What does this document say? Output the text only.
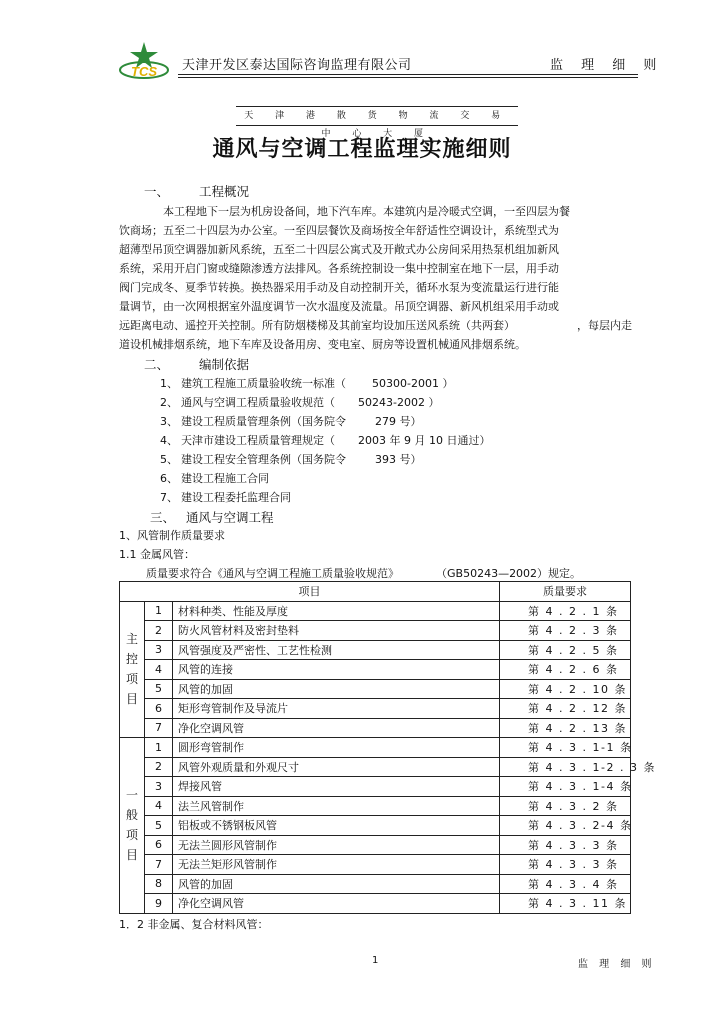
TCS 天津开发区泰达国际咨询监理有限公司	监 理 细 则
天 津 港 散 货 物 流 交 易 中 心 大 厦
通风与空调工程监理实施细则
一、 工程概况
本工程地下一层为机房设备间，地下汽车库。本建筑内是冷暖式空调，一至四层为餐
饮商场；五至二十四层为办公室。一至四层餐饮及商场按全年舒适性空调设计，系统型式为
超薄型吊顶空调器加新风系统，五至二十四层公寓式及开敞式办公房间采用热泵机组加新风
系统，采用开启门窗或缝隙渗透方法排风。各系统控制设一集中控制室在地下一层，用手动
阀门完成冬、夏季节转换。换热器采用手动及自动控制开关，循环水泵为变流量运行进行能
量调节，由一次网根据室外温度调节一次水温度及流量。吊顶空调器、新风机组采用手动或
远距离电动、遥控开关控制。所有防烟楼梯及其前室均设加压送风系统（共两套）	，每层内走
道设机械排烟系统，地下车库及设备用房、变电室、厨房等设置机械通风排烟系统。
二、 编制依据
1、 建筑工程施工质量验收统一标准（ 50300-2001 ）
2、 通风与空调工程质量验收规范（ 50243-2002 ）
3、 建设工程质量管理条例（国务院令	279 号）
4、 天津市建设工程质量管理规定（ 2003 年 9 月 10 日通过）
5、 建设工程安全管理条例（国务院令	393 号）
6、 建设工程施工合同
7、 建设工程委托监理合同
三、 通风与空调工程
1、风管制作质量要求
1.1 金属风管：
质量要求符合《通风与空调工程施工质量验收规范》	（GB50243—2002）规定。
项目			质量要求

主控项目	1	材料种类、性能及厚度	第 4 . 2 . 1 条
	2	防火风管材料及密封垫料	第 4 . 2 . 3 条
	3	风管强度及严密性、工艺性检测	第 4 . 2 . 5 条
	4	风管的连接	第 4 . 2 . 6 条
	5	风管的加固	第 4 . 2 . 10 条
	6	矩形弯管制作及导流片	第 4 . 2 . 12 条
	7	净化空调风管	第 4 . 2 . 13 条

一般项目	1	圆形弯管制作	第 4 . 3 . 1-1 条
	2	风管外观质量和外观尺寸	第 4 . 3 . 1-2 . 3 条
	3	焊接风管	第 4 . 3 . 1-4 条
	4	法兰风管制作	第 4 . 3 . 2 条
	5	铝板或不锈钢板风管	第 4 . 3 . 2-4 条
	6	无法兰圆形风管制作	第 4 . 3 . 3 条
	7	无法兰矩形风管制作	第 4 . 3 . 3 条
	8	风管的加固	第 4 . 3 . 4 条
	9	净化空调风管	第 4 . 3 . 11 条
1．2 非金属、复合材料风管：
1	监 理 细 则
